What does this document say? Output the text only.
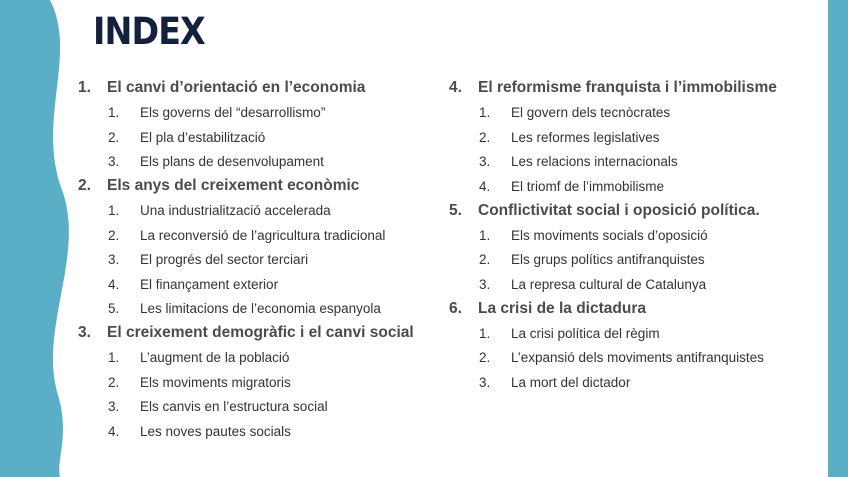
INDEX
1.	El canvi d’orientació en l’economia
1.	Els governs del “desarrollismo”
2.	El pla d’estabilització
3.	Els plans de desenvolupament
2.	Els anys del creixement econòmic
1.	Una industrialització accelerada
2.	La reconversió de l’agricultura tradicional
3.	El progrés del sector terciari
4.	El finançament exterior
5.	Les limitacions de l’economia espanyola
3.	El creixement demogràfic i el canvi social
1.	L’augment de la població
2.	Els moviments migratoris
3.	Els canvis en l’estructura social
4.	Les noves pautes socials
4.	El reformisme franquista i l’immobilisme
1.	El govern dels tecnòcrates
2.	Les reformes legislatives
3.	Les relacions internacionals
4.	El triomf de l’immobilisme
5.	Conflictivitat social i oposició política.
1.	Els moviments socials d’oposició
2.	Els grups polítics antifranquistes
3.	La represa cultural de Catalunya
6.	La crisi de la dictadura
1.	La crisi política del règim
2.	L’expansió dels moviments antifranquistes
3.	La mort del dictador
